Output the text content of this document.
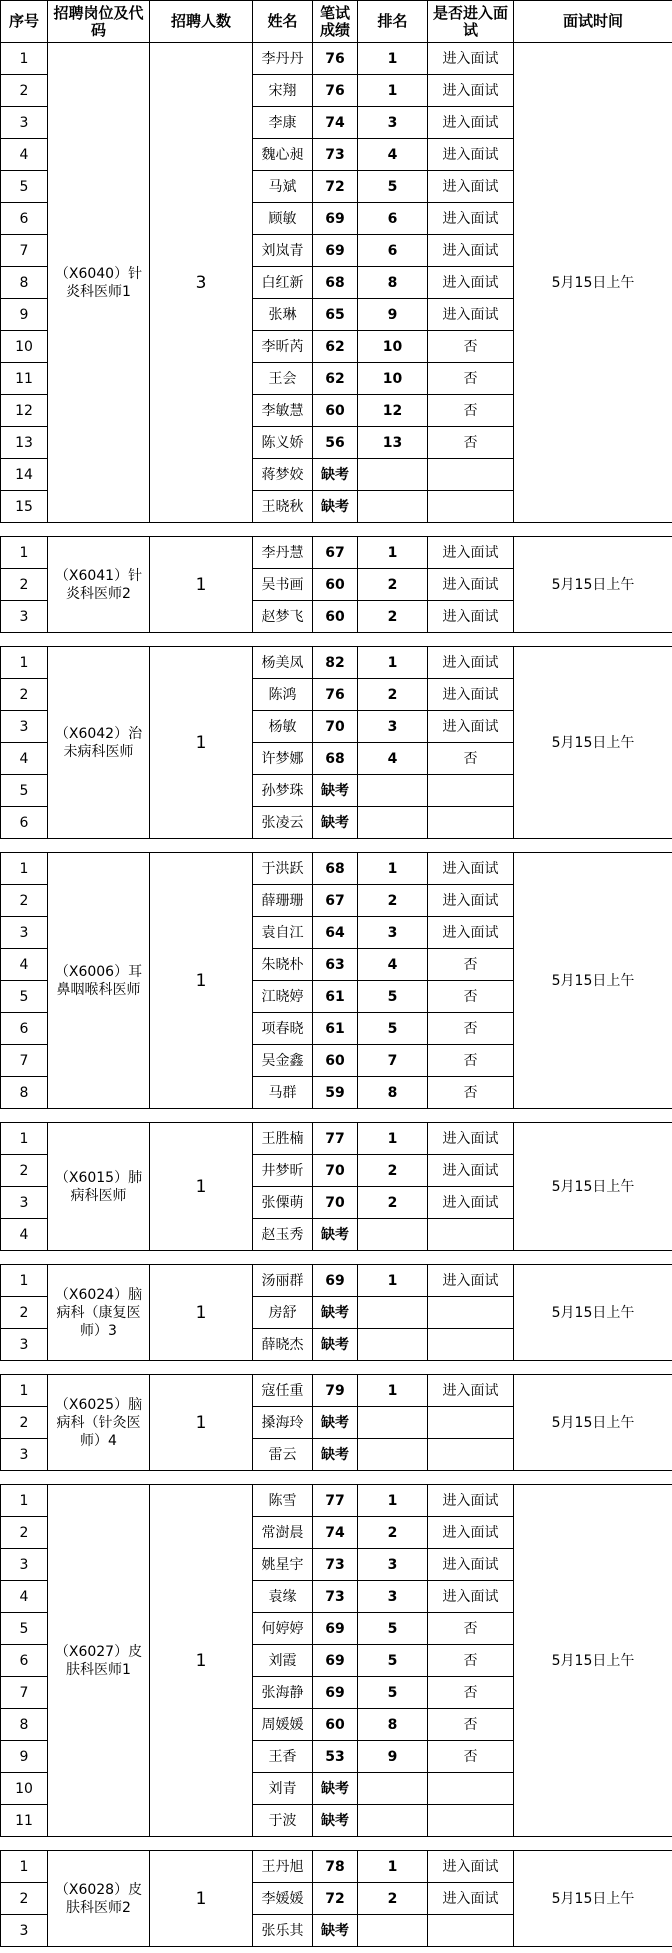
序号	招聘岗位及代码	招聘人数	姓名	笔试成绩	排名	是否进入面试	面试时间
1	（X6040）针炎科医师1	3	李丹丹	76	1	进入面试	5月15日上午
2			宋翔	76	1	进入面试	
3			李康	74	3	进入面试	
4			魏心昶	73	4	进入面试	
5			马斌	72	5	进入面试	
6			顾敏	69	6	进入面试	
7			刘岚青	69	6	进入面试	
8			白红新	68	8	进入面试	
9			张琳	65	9	进入面试	
10			李昕芮	62	10	否	
11			王会	62	10	否	
12			李敏慧	60	12	否	
13			陈义娇	56	13	否	
14			蒋梦姣	缺考			
15			王晓秋	缺考			

1	（X6041）针炎科医师2	1	李丹慧	67	1	进入面试	5月15日上午
2			吴书画	60	2	进入面试	
3			赵梦飞	60	2	进入面试	

1	（X6042）治未病科医师	1	杨美凤	82	1	进入面试	5月15日上午
2			陈鸿	76	2	进入面试	
3			杨敏	70	3	进入面试	
4			许梦娜	68	4	否	
5			孙梦珠	缺考			
6			张凌云	缺考			

1	（X6006）耳鼻咽喉科医师	1	于洪跃	68	1	进入面试	5月15日上午
2			薛珊珊	67	2	进入面试	
3			袁自江	64	3	进入面试	
4			朱晓朴	63	4	否	
5			江晓婷	61	5	否	
6			项春晓	61	5	否	
7			吴金鑫	60	7	否	
8			马群	59	8	否	

1	（X6015）肺病科医师	1	王胜楠	77	1	进入面试	5月15日上午
2			井梦昕	70	2	进入面试	
3			张傈萌	70	2	进入面试	
4			赵玉秀	缺考			

1	（X6024）脑病科（康复医师）3	1	汤丽群	69	1	进入面试	5月15日上午
2			房舒	缺考			
3			薛晓杰	缺考			

1	（X6025）脑病科（针灸医师）4	1	寇任重	79	1	进入面试	5月15日上午
2			搡海玲	缺考			
3			雷云	缺考			

1	（X6027）皮肤科医师1	1	陈雪	77	1	进入面试	5月15日上午
2			常澍晨	74	2	进入面试	
3			姚星宇	73	3	进入面试	
4			袁缘	73	3	进入面试	
5			何婷婷	69	5	否	
6			刘霞	69	5	否	
7			张海静	69	5	否	
8			周媛媛	60	8	否	
9			王香	53	9	否	
10			刘青	缺考			
11			于波	缺考			

1	（X6028）皮肤科医师2	1	王丹旭	78	1	进入面试	5月15日上午
2			李媛媛	72	2	进入面试	
3			张乐其	缺考			
